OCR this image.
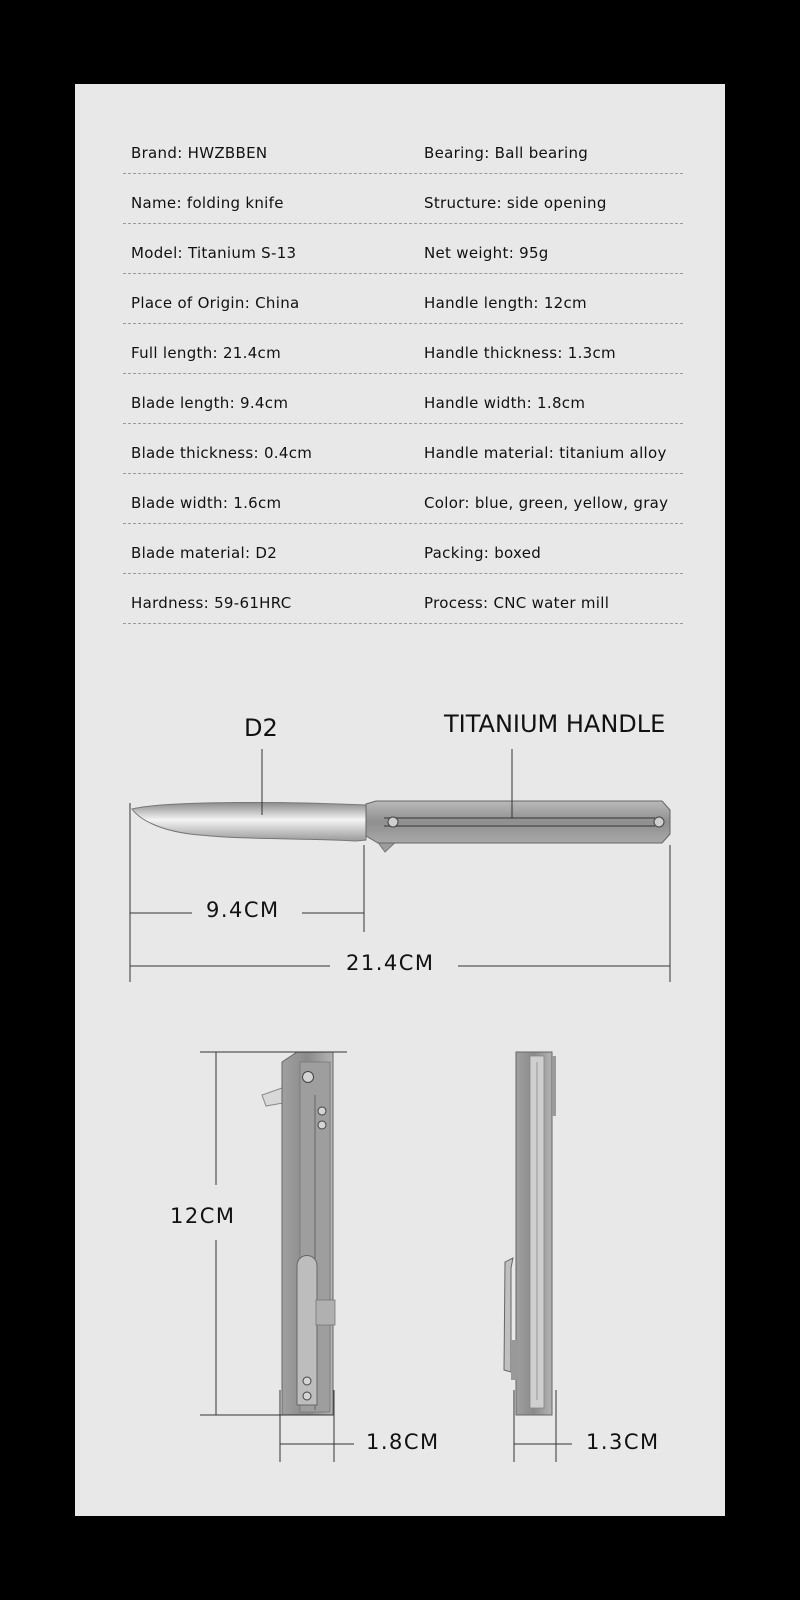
Brand : HWZBBEN	Bearing : Ball bearing
Name : folding knife	Structure : side opening
Model : Titanium S-13	Net weight : 95g
Place of Origin : China	Handle length : 12cm
Full length : 21.4cm	Handle thickness : 1.3cm
Blade length : 9.4cm	Handle width : 1.8cm
Blade thickness : 0.4cm	Handle material : titanium alloy
Blade width : 1.6cm	Color : blue, green, yellow, gray
Blade material : D2	Packing : boxed
Hardness : 59-61HRC	Process : CNC water mill
D2	TITANIUM HANDLE
9.4CM
21.4CM
12CM
1.8CM	1.3CM
